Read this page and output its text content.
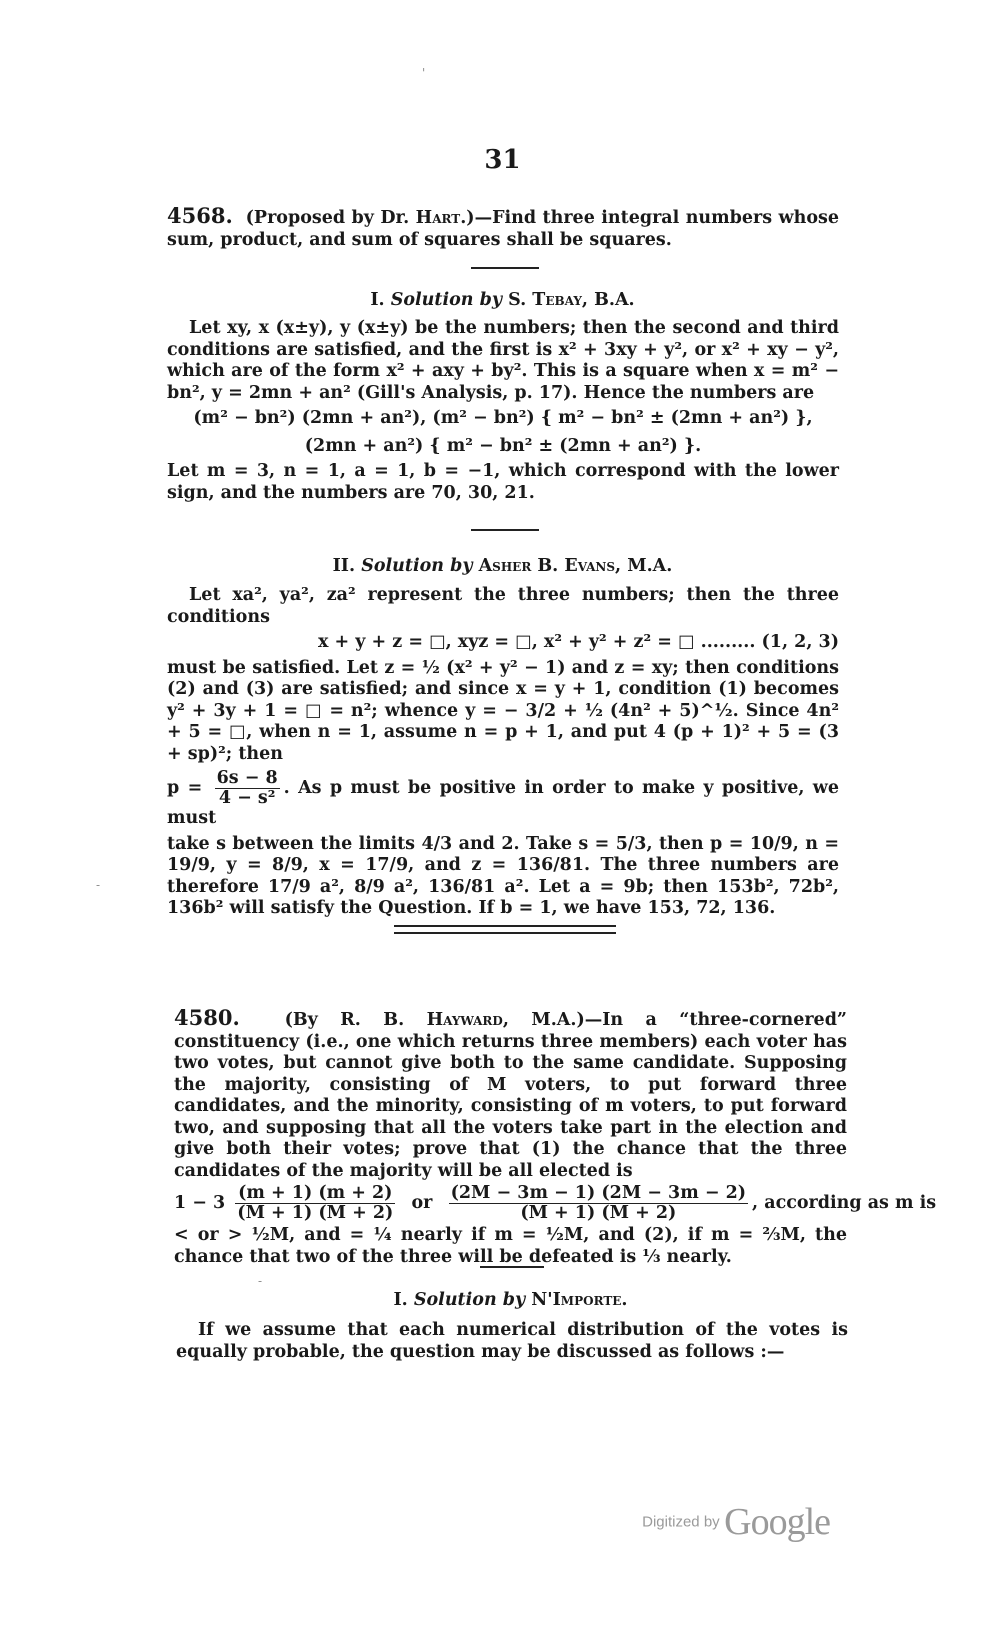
31

4568. (Proposed by Dr. Hart.)—Find three integral numbers whose sum, product, and sum of squares shall be squares.

I. Solution by S. Tebay, B.A.

Let xy, x (x±y), y (x±y) be the numbers; then the second and third conditions are satisfied, and the first is x² + 3xy + y², or x² + xy − y², which are of the form x² + axy + by². This is a square when x = m² − bn², y = 2mn + an² (Gill's Analysis, p. 17). Hence the numbers are

(m² − bn²) (2mn + an²), (m² − bn²) { m² − bn² ± (2mn + an²) },

(2mn + an²) { m² − bn² ± (2mn + an²) }.

Let m = 3, n = 1, a = 1, b = −1, which correspond with the lower sign, and the numbers are 70, 30, 21.

II. Solution by Asher B. Evans, M.A.

Let xa², ya², za² represent the three numbers; then the three conditions

x + y + z = □, xyz = □, x² + y² + z² = □ ......... (1, 2, 3)

must be satisfied. Let z = ½ (x² + y² − 1) and z = xy; then conditions (2) and (3) are satisfied; and since x = y + 1, condition (1) becomes y² + 3y + 1 = □ = n²; whence y = − 3/2 + ½ (4n² + 5)^½. Since 4n² + 5 = □, when n = 1, assume n = p + 1, and put 4 (p + 1)² + 5 = (3 + sp)²; then

$p = \frac{6s - 8}{\text{4 − s²}}$ . As p must be positive in order to make y positive, we must

take s between the limits 4/3 and 2. Take s = 5/3, then p = 10/9, n = 19/9, y = 8/9, x = 17/9, and z = 136/81. The three numbers are therefore 17/9 a², 8/9 a², 136/81 a². Let a = 9b; then 153b², 72b², 136b² will satisfy the Question. If b = 1, we have 153, 72, 136.

4580.	(By R. B. Hayward, M.A.)—In a “three-cornered” constituency (i.e., one which returns three members) each voter has two votes, but cannot give both to the same candidate. Supposing the majority, consisting of M voters, to put forward three candidates, and the minority, consisting of m voters, to put forward two, and supposing that all the voters take part in the election and give both their votes; prove that (1) the chance that the three candidates of the majority will be all elected is

$1 - 3 \frac{(m + 1) (m + 2)}{(M + 1) (M + 2)}$ or $\frac{(2M - 3m - 1) (2M - 3m - 2)}{(M + 1) (M + 2)}$ , according as m is

< or > ½M, and = ¼ nearly if m = ½M, and (2), if m = ⅔M, the chance that two of the three will be defeated is ⅓ nearly.

I. Solution by N'Importe.

If we assume that each numerical distribution of the votes is equally probable, the question may be discussed as follows :—

'
-
-
Digitized by Google
